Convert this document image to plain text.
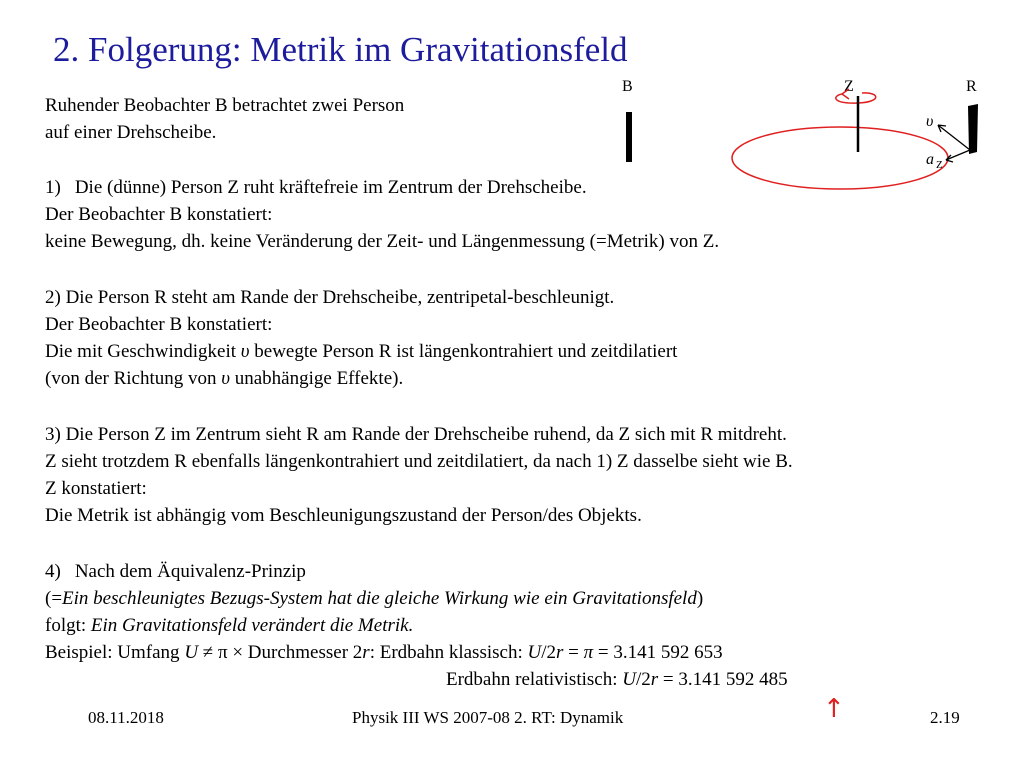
2. Folgerung: Metrik im Gravitationsfeld
B	Z	R
υ
a Z
Ruhender Beobachter B betrachtet zwei Person
auf einer Drehscheibe.
1) Die (dünne) Person Z ruht kräftefreie im Zentrum der Drehscheibe.
Der Beobachter B konstatiert:
keine Bewegung, dh. keine Veränderung der Zeit- und Längenmessung (=Metrik) von Z.
2) Die Person R steht am Rande der Drehscheibe, zentripetal-beschleunigt.
Der Beobachter B konstatiert:
Die mit Geschwindigkeit υ bewegte Person R ist längenkontrahiert und zeitdilatiert
(von der Richtung von υ unabhängige Effekte).
3) Die Person Z im Zentrum sieht R am Rande der Drehscheibe ruhend, da Z sich mit R mitdreht.
Z sieht trotzdem R ebenfalls längenkontrahiert und zeitdilatiert, da nach 1) Z dasselbe sieht wie B.
Z konstatiert:
Die Metrik ist abhängig vom Beschleunigungszustand der Person/des Objekts.
4) Nach dem Äquivalenz-Prinzip
(=Ein beschleunigtes Bezugs-System hat die gleiche Wirkung wie ein Gravitationsfeld)
folgt: Ein Gravitationsfeld verändert die Metrik.
Beispiel: Umfang U ≠ π × Durchmesser 2r: Erdbahn klassisch: U/2r = π = 3.141 592 653
Erdbahn relativistisch: U/2r = 3.141 592 485
08.11.2018	Physik III WS 2007-08 2. RT: Dynamik	2.19
↑
